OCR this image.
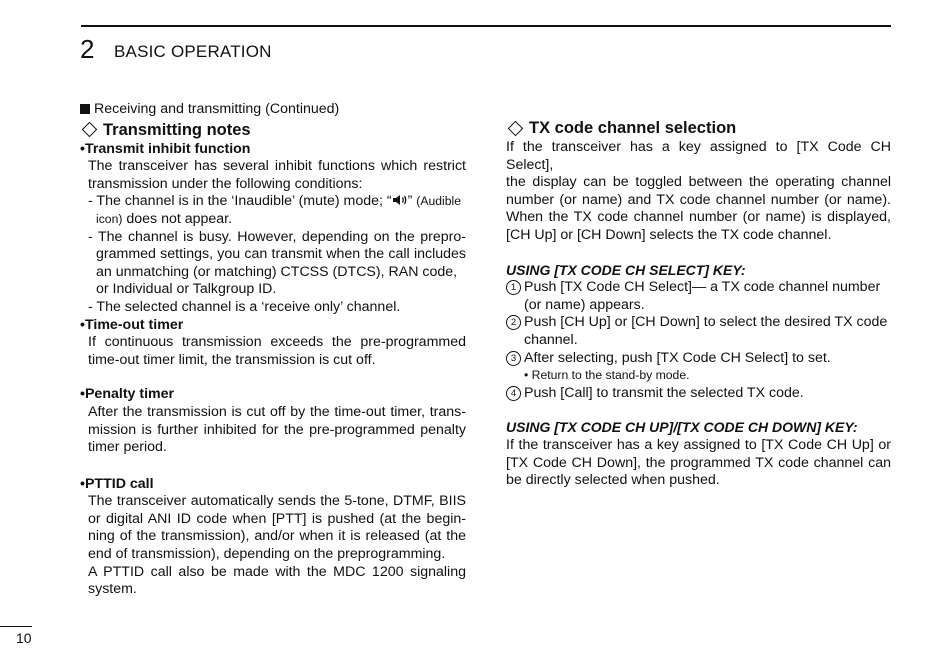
2 BASIC OPERATION

Receiving and transmitting (Continued)

Transmitting notes

•Transmit inhibit function

The transceiver has several inhibit functions which restrict

transmission under the following conditions:

- The channel is in the ‘Inaudible’ (mute) mode; “ ” (Audible

icon) does not appear.

- The channel is busy. However, depending on the prepro-

grammed settings, you can transmit when the call includes

an unmatching (or matching) CTCSS (DTCS), RAN code,

or Individual or Talkgroup ID.

- The selected channel is a ‘receive only’ channel.

•Time-out timer

If continuous transmission exceeds the pre-programmed

time-out timer limit, the transmission is cut off.

•Penalty timer

After the transmission is cut off by the time-out timer, trans-

mission is further inhibited for the pre-programmed penalty

timer period.

•PTTID call

The transceiver automatically sends the 5-tone, DTMF, BIIS

or digital ANI ID code when [PTT] is pushed (at the begin-

ning of the transmission), and/or when it is released (at the

end of transmission), depending on the preprogramming.

A PTTID call also be made with the MDC 1200 signaling

system.

TX code channel selection

If the transceiver has a key assigned to [TX Code CH Select],

the display can be toggled between the operating channel

number (or name) and TX code channel number (or name).

When the TX code channel number (or name) is displayed,

[CH Up] or [CH Down] selects the TX code channel.

USING [TX CODE CH SELECT] KEY:

1 Push [TX Code CH Select]— a TX code channel number

(or name) appears.

2 Push [CH Up] or [CH Down] to select the desired TX code

channel.

3 After selecting, push [TX Code CH Select] to set.

• Return to the stand-by mode.

4 Push [Call] to transmit the selected TX code.

USING [TX CODE CH UP]/[TX CODE CH DOWN] KEY:

If the transceiver has a key assigned to [TX Code CH Up] or

[TX Code CH Down], the programmed TX code channel can

be directly selected when pushed.

10
